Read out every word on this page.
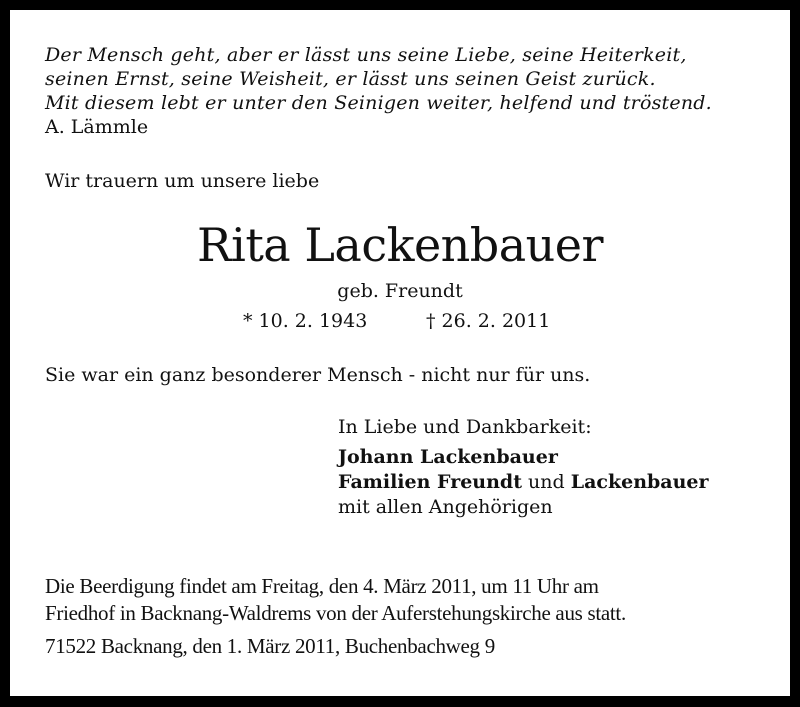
Der Mensch geht, aber er lässt uns seine Liebe, seine Heiterkeit,
seinen Ernst, seine Weisheit, er lässt uns seinen Geist zurück.
Mit diesem lebt er unter den Seinigen weiter, helfend und tröstend.
A. Lämmle
Wir trauern um unsere liebe
Rita Lackenbauer
geb. Freundt
* 10. 2. 1943	† 26. 2. 2011
Sie war ein ganz besonderer Mensch - nicht nur für uns.
In Liebe und Dankbarkeit:
Johann Lackenbauer
Familien Freundt und Lackenbauer
mit allen Angehörigen
Die Beerdigung findet am Freitag, den 4. März 2011, um 11 Uhr am
Friedhof in Backnang-Waldrems von der Auferstehungskirche aus statt.
71522 Backnang, den 1. März 2011, Buchenbachweg 9
